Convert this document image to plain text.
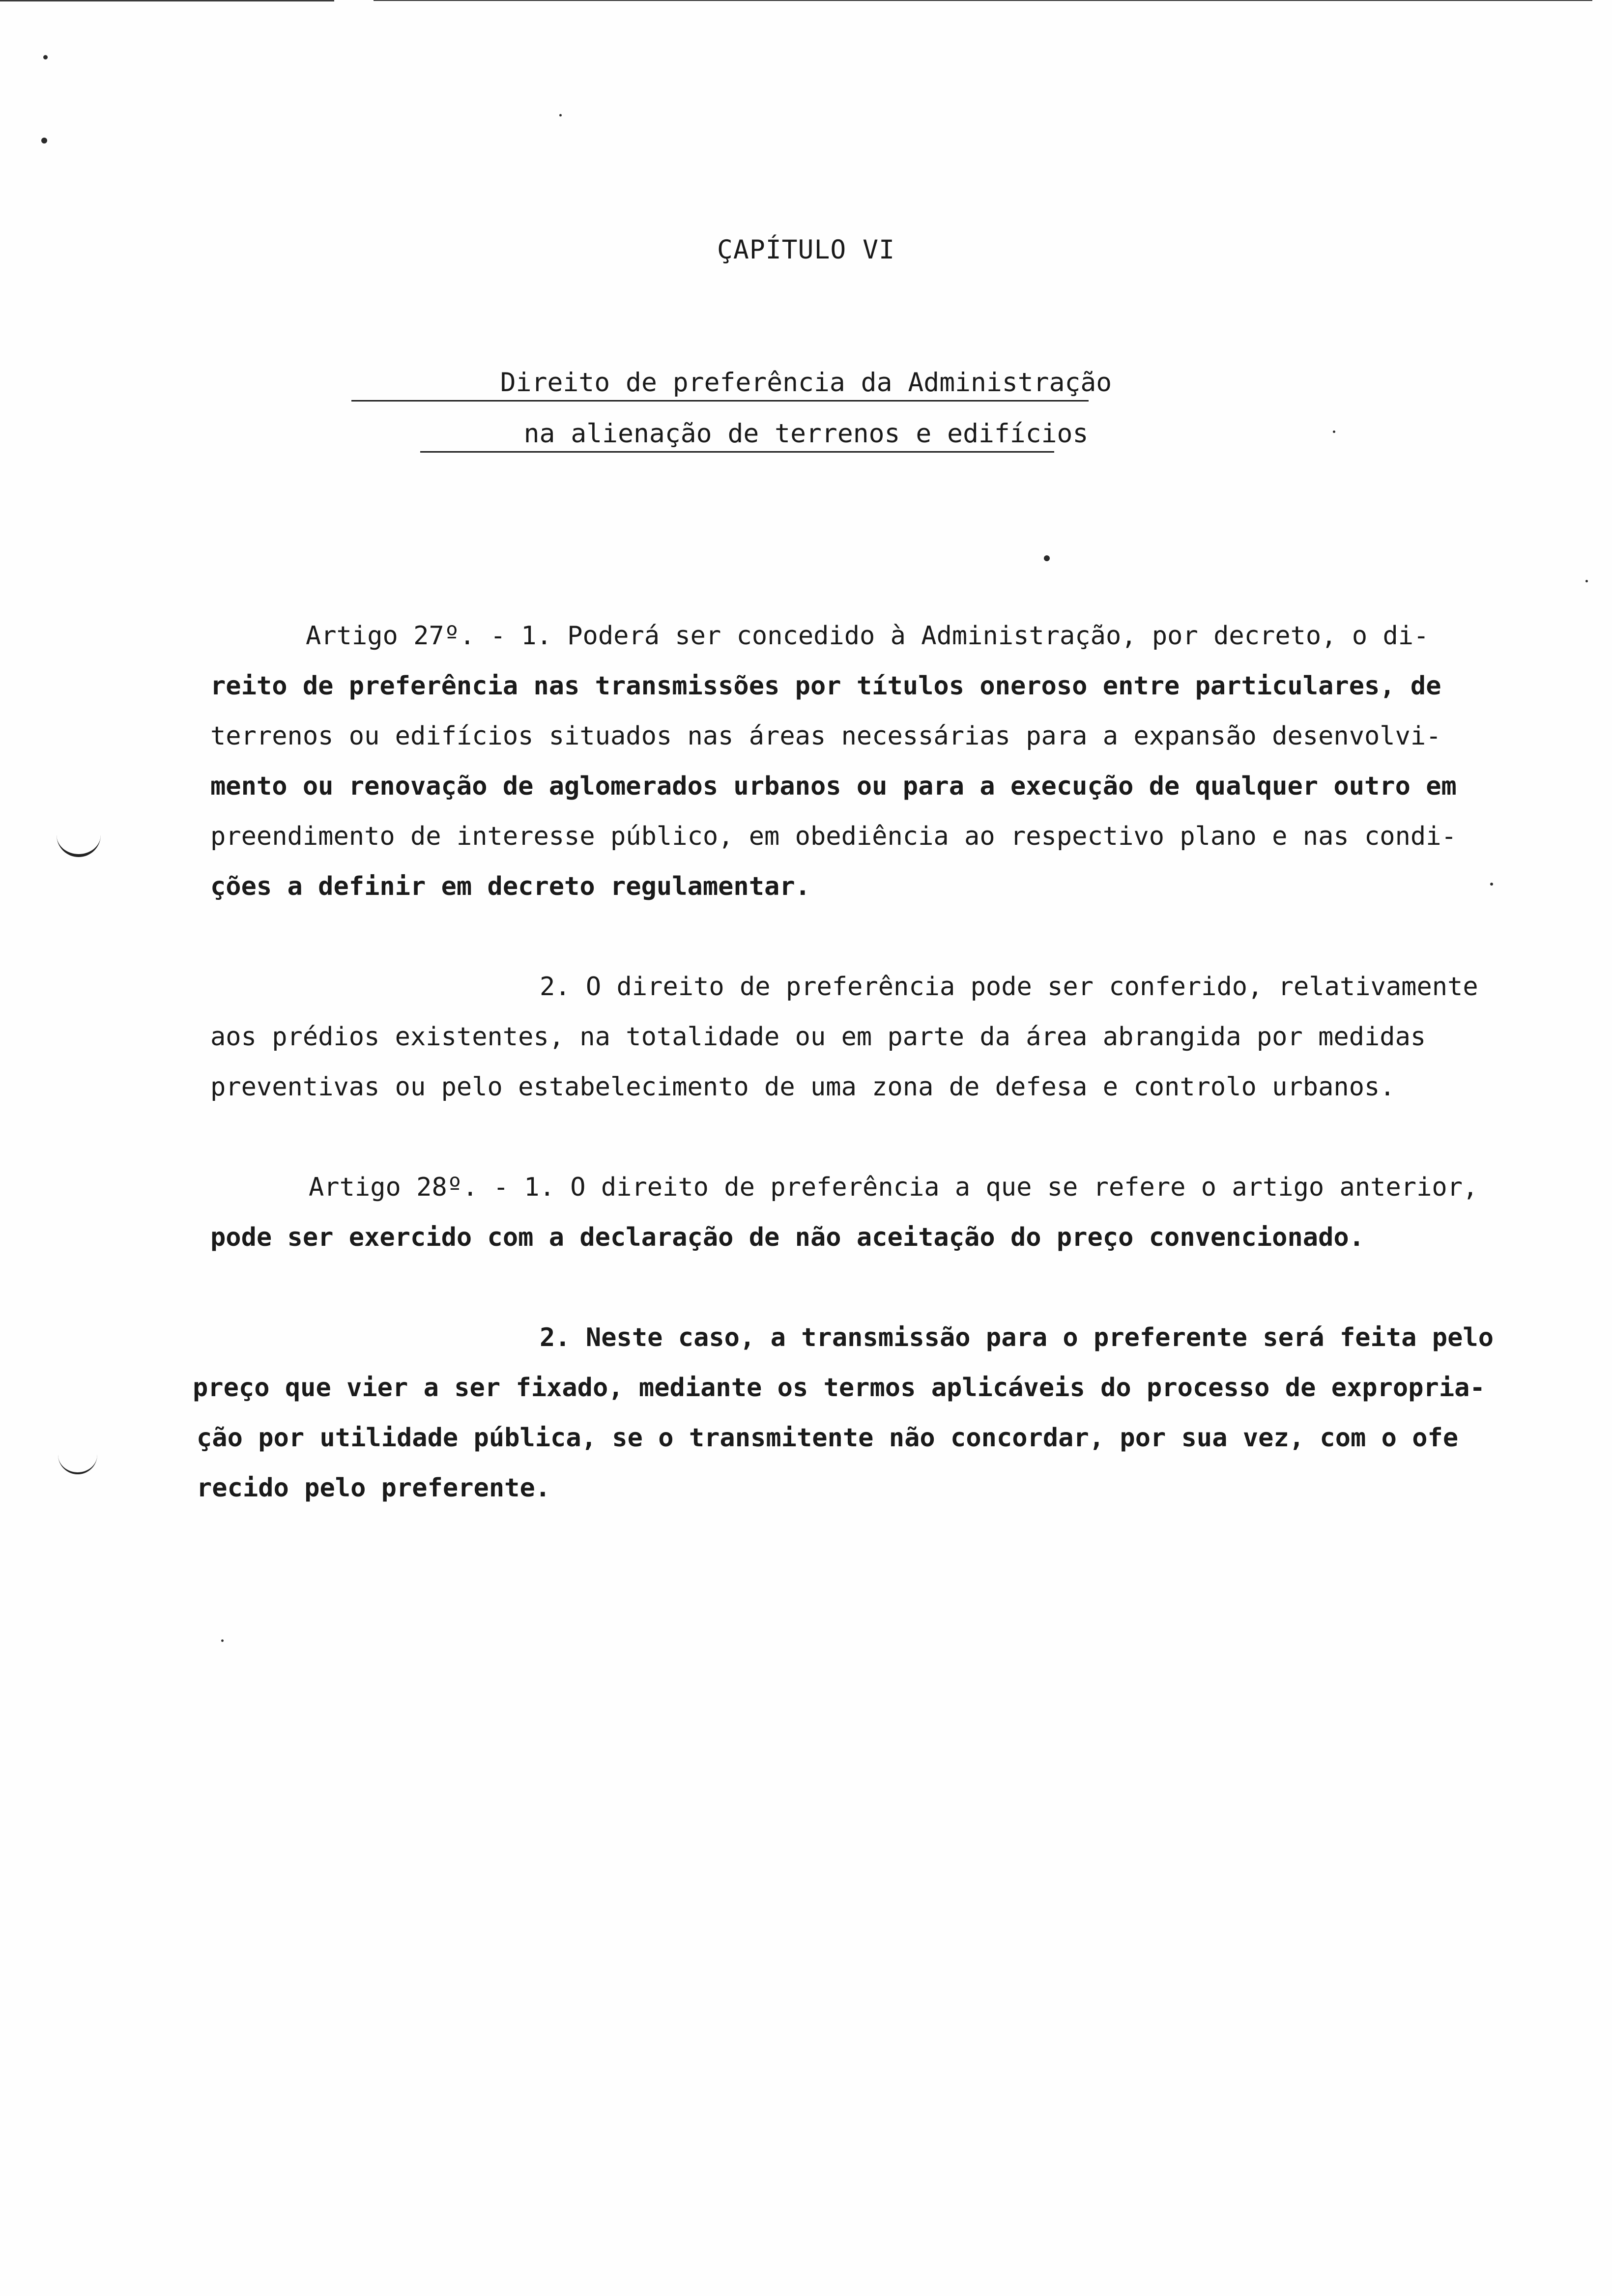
ÇAPÍTULO VI
Direito de preferência da Administração
na alienação de terrenos e edifícios
Artigo 27º. - 1. Poderá ser concedido à Administração, por decreto, o di-
reito de preferência nas transmissões por títulos oneroso entre particulares, de
terrenos ou edifícios situados nas áreas necessárias para a expansão desenvolvi-
mento ou renovação de aglomerados urbanos ou para a execução de qualquer outro em
preendimento de interesse público, em obediência ao respectivo plano e nas condi-
ções a definir em decreto regulamentar.
2. O direito de preferência pode ser conferido, relativamente
aos prédios existentes, na totalidade ou em parte da área abrangida por medidas
preventivas ou pelo estabelecimento de uma zona de defesa e controlo urbanos.
Artigo 28º. - 1. O direito de preferência a que se refere o artigo anterior,
pode ser exercido com a declaração de não aceitação do preço convencionado.
2. Neste caso, a transmissão para o preferente será feita pelo
preço que vier a ser fixado, mediante os termos aplicáveis do processo de expropria-
ção por utilidade pública, se o transmitente não concordar, por sua vez, com o ofe
recido pelo preferente.
